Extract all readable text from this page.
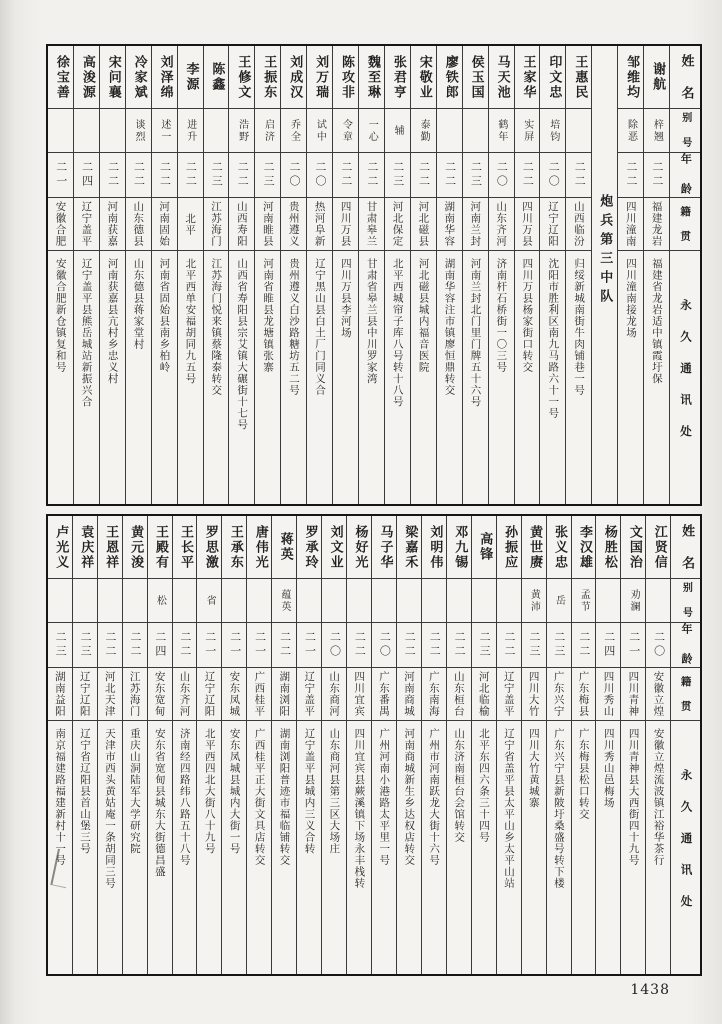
姓 名
别 号
年 龄
籍 贯
永久通讯处
谢航
梓翘
二二
福建龙岩
福建省龙岩适中镇霞圩保
邹维均
除恶
二二
四川潼南
四川潼南接龙场
炮兵第三中队
王惠民
二二
山西临汾
归绥新城南街牛肉铺巷一号
印文忠
培钧
二〇
辽宁辽阳
沈阳市胜利区南九马路六十一号
王家华
实屏
二二
四川万县
四川万县杨家街口转交
马天池
鹤年
二〇
山东齐河
济南杆石桥街一〇三号
侯玉国
二三
河南兰封
河南兰封北门里门牌五十六号
廖铁郎
二二
湖南华容
湖南华容注市镇廖恒鼎转交
宋敬业
泰勤
二二
河北磁县
河北磁县城内福音医院
张君亨
辅
二三
河北保定
北平西城帘子库八号转十八号
魏至琳
一心
二二
甘肃皋兰
甘肃省皋兰县中川罗家湾
陈攻非
令章
二二
四川万县
四川万县李河场
刘万瑞
试中
二〇
热河阜新
辽宁黑山县白土厂门同义合
刘成汉
乔全
二〇
贵州遵义
贵州遵义白沙路糖坊五二号
王振东
启济
二三
河南睢县
河南省睢县龙塘镇张寨
王修文
浩野
二二
山西寿阳
山西省寿阳县宗艾镇大碾街十七号
陈鑫
二三
江苏海门
江苏海门悦来镇蔡隆泰转交
李源
进升
二二
北平
北平西单安福胡同九五号
刘泽绵
述一
二二
河南固始
河南省固始县南乡柏岭
冷家斌
谈烈
二二
山东德县
山东德县蒋家堂村
宋问襄
二二
河南获嘉
河南获嘉县亢村乡忠义村
高浚源
二四
辽宁盖平
辽宁盖平县熊岳城站新振兴合
徐宝善
二一
安徽合肥
安徽合肥新仓镇复和号
姓 名
别 号
年 龄
籍 贯
永久通讯处
江贤信
二〇
安徽立煌
安徽立煌流波镇江裕华茶行
文国治
劝澜
二一
四川青神
四川青神县大西街四十九号
杨胜松
二四
四川秀山
四川秀山邑梅场
李汉雄
孟节
二二
广东梅县
广东梅县松口转交
张义忠
岳
二三
广东兴宁
广东兴宁县新陂圩桑盛号转下楼
黄世赓
黄沛
二三
四川大竹
四川大竹黄城寨
孙振应
二二
辽宁盖平
辽宁省盖平县太平山乡太平山站
高锋
二三
河北临榆
北平东四六条三十四号
邓九锡
二二
山东桓台
山东济南桓台会馆转交
刘明伟
二二
广东南海
广州市河南跃龙大街十六号
梁嘉禾
二二
河南商城
河南商城新生乡达权店转交
马子华
二〇
广东番禺
广州河南小港路太平里一号
杨好光
二二
四川宜宾
四川宜宾县蕨溪镇下场永丰栈转
刘文业
二〇
山东商河
山东商河县第三区大场庄
罗承玲
二一
辽宁盖平
辽宁盖平县城内三义合转
蒋英
蕴英
二二
湖南浏阳
湖南浏阳普迹市福临铺转交
唐伟光
二一
广西桂平
广西桂平正大街文具店转交
王承东
二一
安东凤城
安东凤城县城内大街一号
罗思激
省
二一
辽宁辽阳
北平西四北大街八十九号
王长平
二二
山东齐河
济南经四路纬八路五十八号
王殿有
松
二四
安东宽甸
安东省宽甸县城东大街德昌盛
黄元浚
二二
江苏海门
重庆山洞陆军大学研究院
王恩祥
二二
河北天津
天津市西头黄姑庵一条胡同三号
袁庆祥
二三
辽宁辽阳
辽宁省辽阳县首山堡三号
卢光义
二三
湖南益阳
南京福建路福建新村十一号
1438
